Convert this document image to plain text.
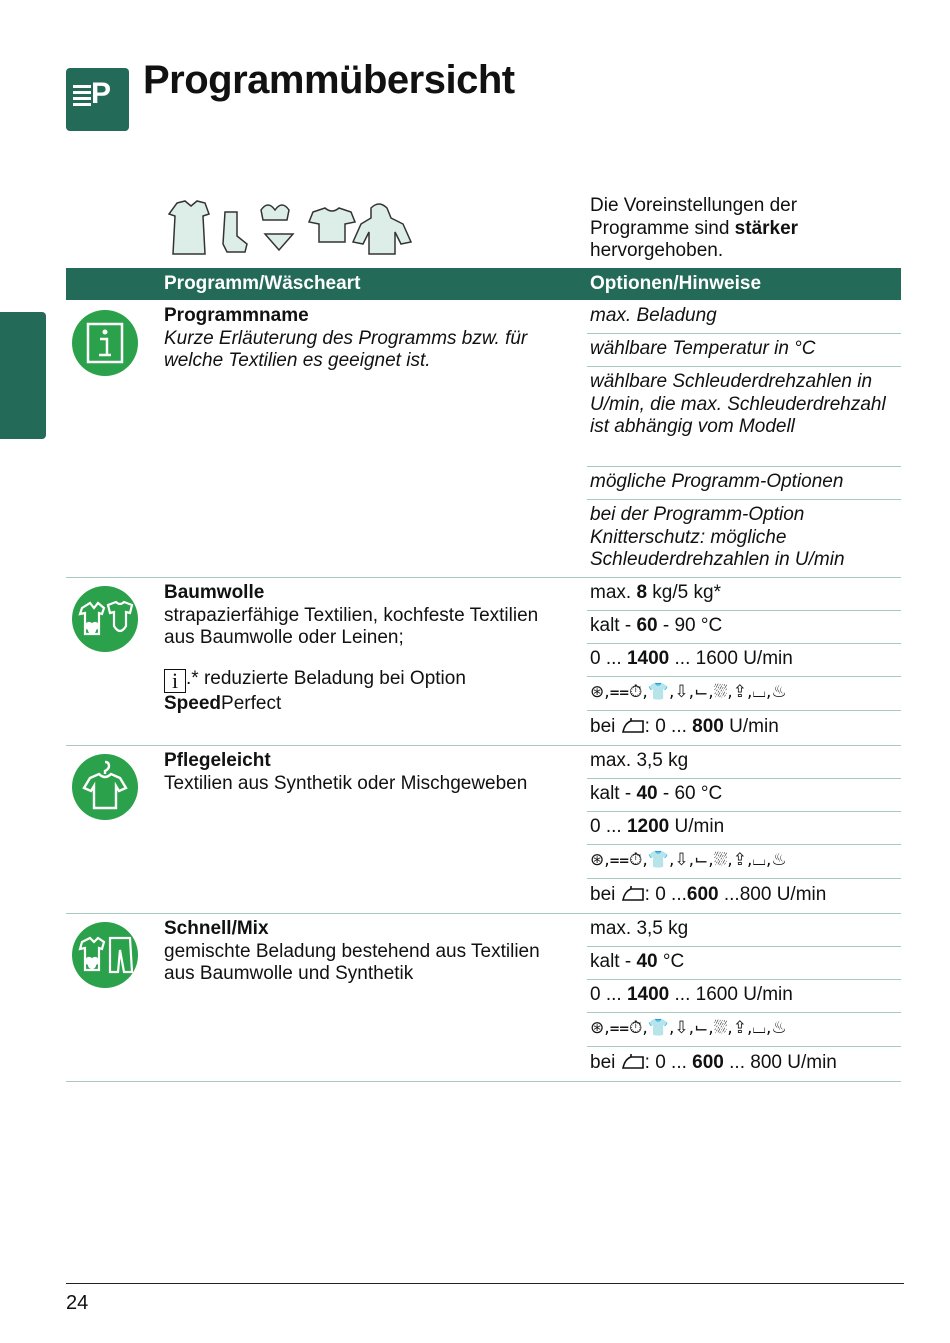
P Programmübersicht
Die Voreinstellungen der Programme sind stärker hervorgehoben.
Programm/Wäscheart	Optionen/Hinweise
Programmname
Kurze Erläuterung des Programms bzw. für welche Textilien es geeignet ist.
max. Beladung
wählbare Temperatur in °C
wählbare Schleuderdrehzahlen in U/min, die max. Schleuderdrehzahl ist abhängig vom Modell
mögliche Programm-Optionen
bei der Programm-Option Knitterschutz: mögliche Schleuderdrehzahlen in U/min
Baumwolle
strapazierfähige Textilien, kochfeste Textilien aus Baumwolle oder Leinen;
i .* reduzierte Beladung bei Option SpeedPerfect
max. 8 kg/5 kg*
kalt - 60 - 90 °C
0 ... 1400 ... 1600 U/min
⊛,⩵⏱,👕,⇩,⌙,⛆,⇪,⌴,♨
bei : 0 ... 800 U/min
Pflegeleicht
Textilien aus Synthetik oder Mischgeweben
max. 3,5 kg
kalt - 40 - 60 °C
0 ... 1200 U/min
⊛,⩵⏱,👕,⇩,⌙,⛆,⇪,⌴,♨
bei : 0 ...600 ...800 U/min
Schnell/Mix
gemischte Beladung bestehend aus Textilien aus Baumwolle und Synthetik
max. 3,5 kg
kalt - 40 °C
0 ... 1400 ... 1600 U/min
⊛,⩵⏱,👕,⇩,⌙,⛆,⇪,⌴,♨
bei : 0 ... 600 ... 800 U/min
24
